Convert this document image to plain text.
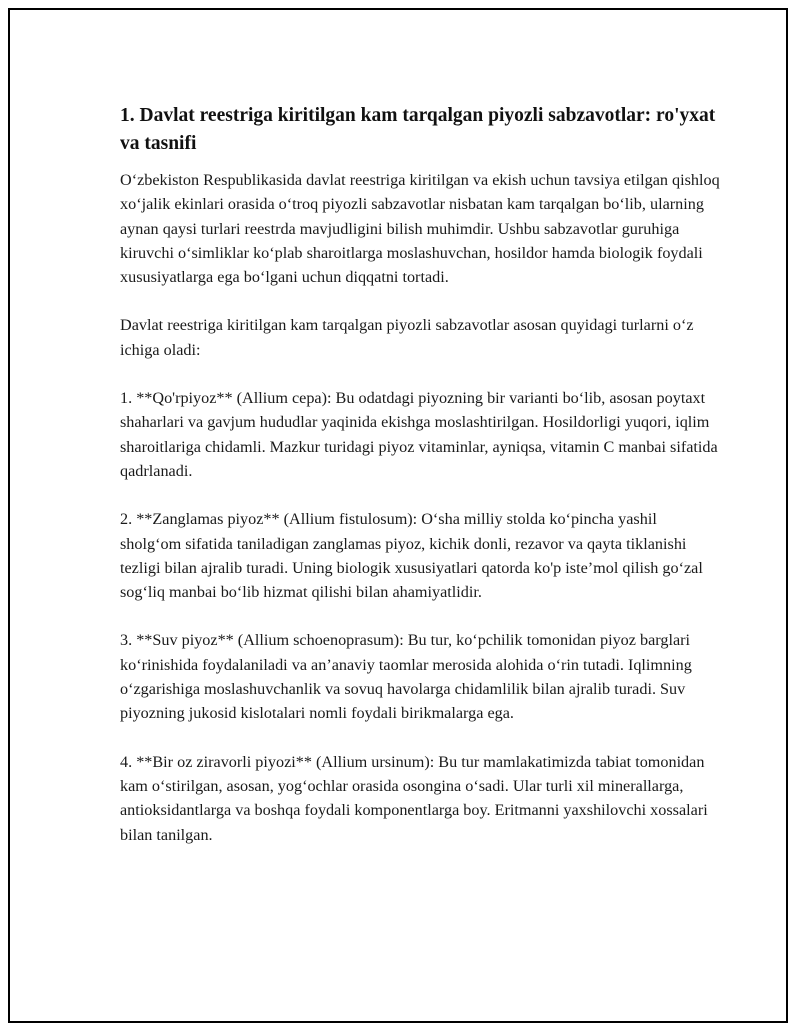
1. Davlat reestriga kiritilgan kam tarqalgan piyozli sabzavotlar: ro'yxat va tasnifi

O‘zbekiston Respublikasida davlat reestriga kiritilgan va ekish uchun tavsiya etilgan qishloq xo‘jalik ekinlari orasida o‘troq piyozli sabzavotlar nisbatan kam tarqalgan bo‘lib, ularning aynan qaysi turlari reestrda mavjudligini bilish muhimdir. Ushbu sabzavotlar guruhiga kiruvchi o‘simliklar ko‘plab sharoitlarga moslashuvchan, hosildor hamda biologik foydali xususiyatlarga ega bo‘lgani uchun diqqatni tortadi.

Davlat reestriga kiritilgan kam tarqalgan piyozli sabzavotlar asosan quyidagi turlarni o‘z ichiga oladi:

1. **Qo'rpiyoz** (Allium cepa): Bu odatdagi piyozning bir varianti bo‘lib, asosan poytaxt shaharlari va gavjum hududlar yaqinida ekishga moslashtirilgan. Hosildorligi yuqori, iqlim sharoitlariga chidamli. Mazkur turidagi piyoz vitaminlar, ayniqsa, vitamin C manbai sifatida qadrlanadi.

2. **Zanglamas piyoz** (Allium fistulosum): O‘sha milliy stolda ko‘pincha yashil sholg‘om sifatida taniladigan zanglamas piyoz, kichik donli, rezavor va qayta tiklanishi tezligi bilan ajralib turadi. Uning biologik xususiyatlari qatorda ko'p iste’mol qilish go‘zal sog‘liq manbai bo‘lib hizmat qilishi bilan ahamiyatlidir.

3. **Suv piyoz** (Allium schoenoprasum): Bu tur, ko‘pchilik tomonidan piyoz barglari ko‘rinishida foydalaniladi va an’anaviy taomlar merosida alohida o‘rin tutadi. Iqlimning o‘zgarishiga moslashuvchanlik va sovuq havolarga chidamlilik bilan ajralib turadi. Suv piyozning jukosid kislotalari nomli foydali birikmalarga ega.

4. **Bir oz ziravorli piyozi** (Allium ursinum): Bu tur mamlakatimizda tabiat tomonidan kam o‘stirilgan, asosan, yog‘ochlar orasida osongina o‘sadi. Ular turli xil minerallarga, antioksidantlarga va boshqa foydali komponentlarga boy. Eritmanni yaxshilovchi xossalari bilan tanilgan.
